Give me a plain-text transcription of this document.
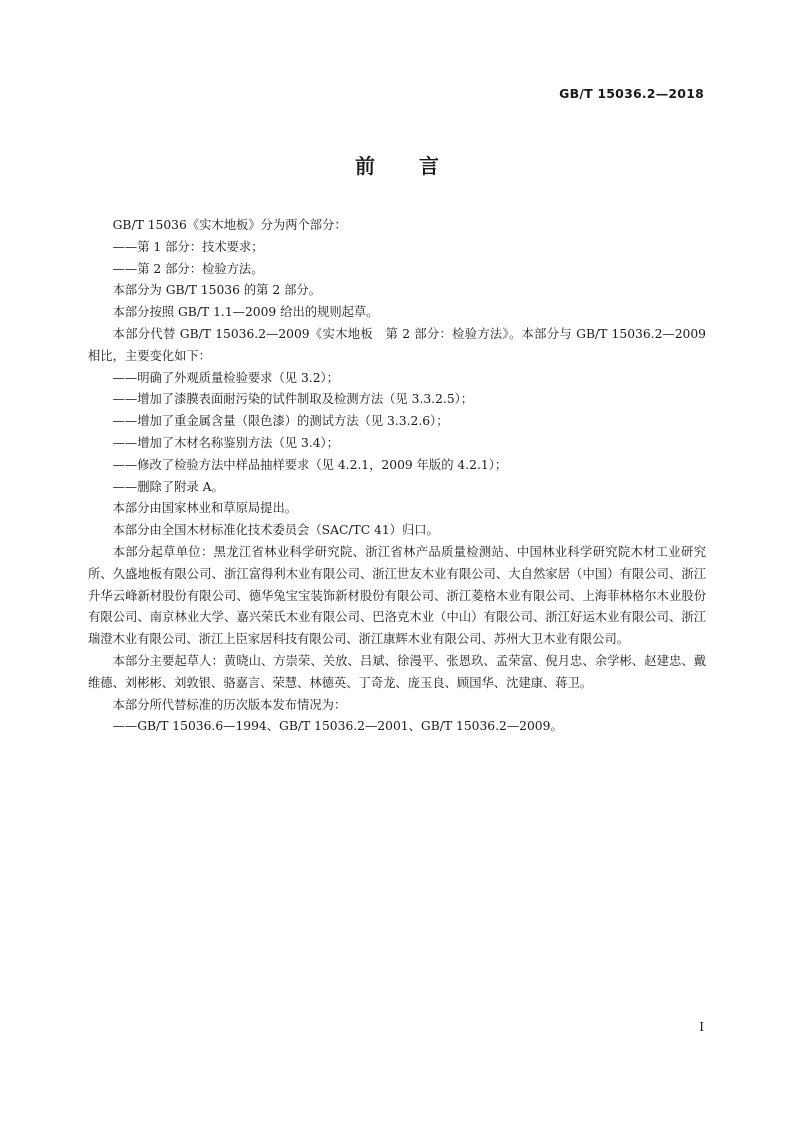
GB/T 15036.2—2018
前 言

GB/T 15036《实木地板》分为两个部分：

——第 1 部分：技术要求；

——第 2 部分：检验方法。

本部分为 GB/T 15036 的第 2 部分。

本部分按照 GB/T 1.1—2009 给出的规则起草。

本部分代替 GB/T 15036.2—2009《实木地板　第 2 部分：检验方法》。本部分与 GB/T 15036.2—2009 相比，主要变化如下：

——明确了外观质量检验要求（见 3.2）；

——增加了漆膜表面耐污染的试件制取及检测方法（见 3.3.2.5）；

——增加了重金属含量（限色漆）的测试方法（见 3.3.2.6）；

——增加了木材名称鉴别方法（见 3.4）；

——修改了检验方法中样品抽样要求（见 4.2.1，2009 年版的 4.2.1）；

——删除了附录 A。

本部分由国家林业和草原局提出。

本部分由全国木材标准化技术委员会（SAC/TC 41）归口。

本部分起草单位：黑龙江省林业科学研究院、浙江省林产品质量检测站、中国林业科学研究院木材工业研究所、久盛地板有限公司、浙江富得利木业有限公司、浙江世友木业有限公司、大自然家居（中国）有限公司、浙江升华云峰新材股份有限公司、德华兔宝宝装饰新材股份有限公司、浙江菱格木业有限公司、上海菲林格尔木业股份有限公司、南京林业大学、嘉兴荣氏木业有限公司、巴洛克木业（中山）有限公司、浙江好运木业有限公司、浙江瑞澄木业有限公司、浙江上臣家居科技有限公司、浙江康辉木业有限公司、苏州大卫木业有限公司。

本部分主要起草人：黄晓山、方崇荣、关放、吕斌、徐漫平、张恩玖、孟荣富、倪月忠、余学彬、赵建忠、戴维德、刘彬彬、刘敦银、骆嘉言、荣慧、林德英、丁奇龙、庞玉良、顾国华、沈建康、蒋卫。

本部分所代替标准的历次版本发布情况为：

——GB/T 15036.6—1994、GB/T 15036.2—2001、GB/T 15036.2—2009。

I
